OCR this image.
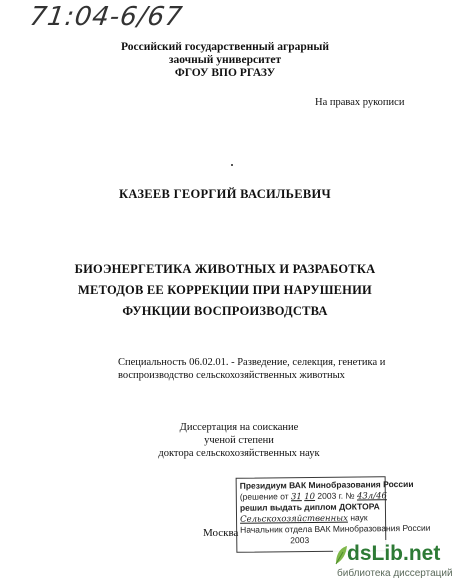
71:04-6/67
Российский государственный аграрный
заочный университет
ФГОУ ВПО РГАЗУ
На правах рукописи
КАЗЕЕВ ГЕОРГИЙ ВАСИЛЬЕВИЧ
БИОЭНЕРГЕТИКА ЖИВОТНЫХ И РАЗРАБОТКА
МЕТОДОВ ЕЕ КОРРЕКЦИИ ПРИ НАРУШЕНИИ
ФУНКЦИИ ВОСПРОИЗВОДСТВА
Специальность 06.02.01. - Разведение, селекция, генетика и
воспроизводство сельскохозяйственных животных
Диссертация на соискание
ученой степени
доктора сельскохозяйственных наук
Президиум ВАК Минобразования России
(решение от 31 10 2003 г. № 43л/46
решил выдать диплом ДОКТОРА
Сельскохозяйственных наук
Начальник отдела ВАК Минобразования России
2003
Москва
dsLib.net
библиотека диссертаций
